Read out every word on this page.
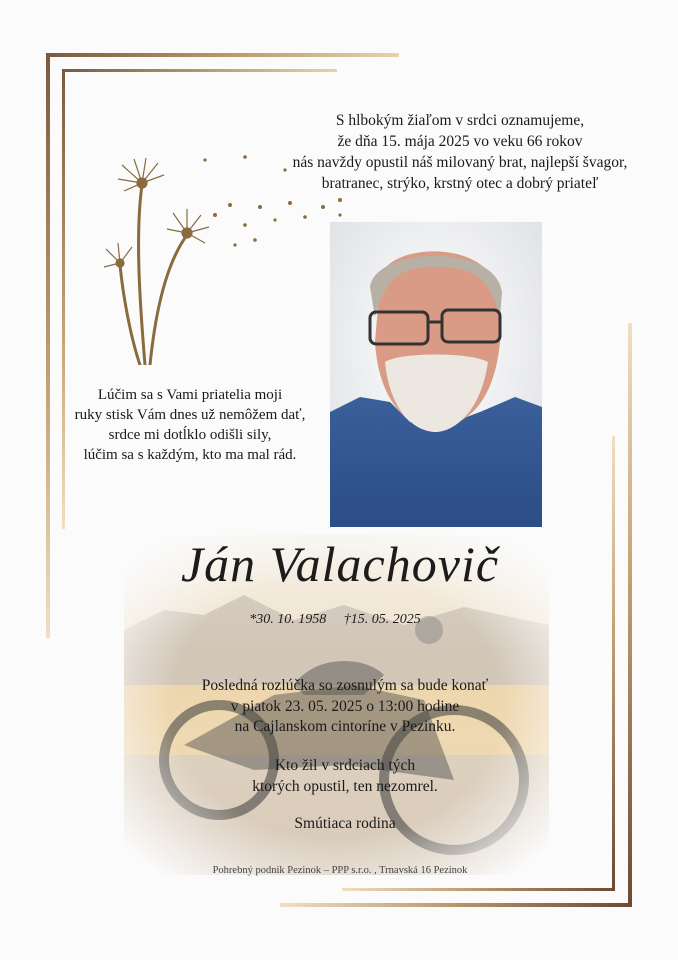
S hlbokým žiaľom v srdci oznamujeme,
že dňa 15. mája 2025 vo veku 66 rokov
nás navždy opustil náš milovaný brat, najlepší švagor,
bratranec, strýko, krstný otec a dobrý priateľ
Lúčim sa s Vami priatelia moji
ruky stisk Vám dnes už nemôžem dať,
srdce mi dotĺklo odišli sily,
lúčim sa s každým, kto ma mal rád.
Ján Valachovič
*30. 10. 1958 †15. 05. 2025
Posledná rozlúčka so zosnulým sa bude konať
v piatok 23. 05. 2025 o 13:00 hodine
na Cajlanskom cintoríne v Pezinku.
Kto žil v srdciach tých
ktorých opustil, ten nezomrel.
Smútiaca rodina
Pohrebný podnik Pezinok – PPP s.r.o. , Trnavská 16 Pezinok
